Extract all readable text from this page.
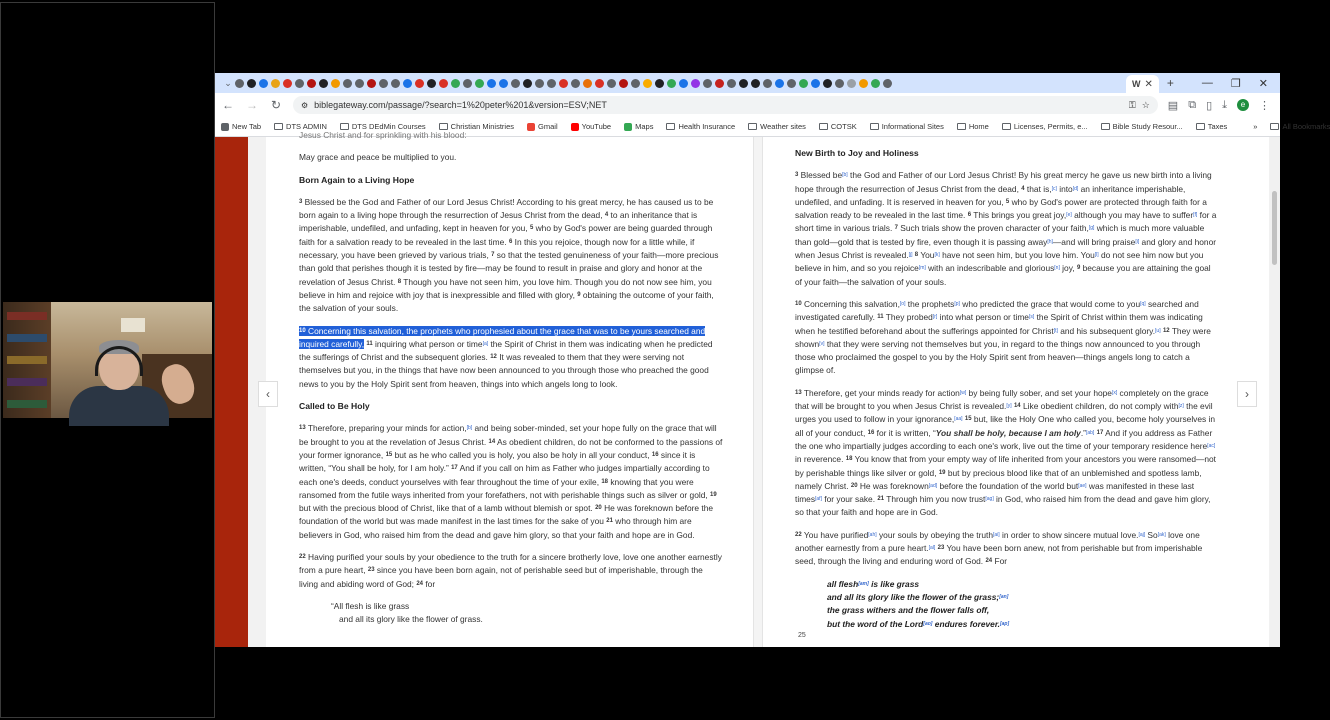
⌄	W ✕	+	— ❐ ✕
← → ↻ ⚙ biblegateway.com/passage/?search=1%20peter%201&version=ESV;NET	⚿ ☆ ▤ ⧉ ▯ ⤓	e	⋮
New Tab	DTS ADMIN	DTS DEdMin Courses	Christian Ministries	Gmail	YouTube	Maps	Health Insurance	Weather sites	COTSK	Informational Sites	Home	Licenses, Permits, e...	Bible Study Resour...	Taxes	»	All Bookmarks
‹

Jesus Christ and for sprinkling with his blood:

May grace and peace be multiplied to you.

Born Again to a Living Hope

$^3$ Blessed be the God and Father of our Lord Jesus Christ! According to his great mercy, he has caused us to be born again to a living hope through the resurrection of Jesus Christ from the dead, $^4$ to an inheritance that is imperishable, undefiled, and unfading, kept in heaven for you, $^5$ who by God's power are being guarded through faith for a salvation ready to be revealed in the last time. $^6$ In this you rejoice, though now for a little while, if necessary, you have been grieved by various trials, $^7$ so that the tested genuineness of your faith—more precious than gold that perishes though it is tested by fire—may be found to result in praise and glory and honor at the revelation of Jesus Christ. $^8$ Though you have not seen him, you love him. Though you do not now see him, you believe in him and rejoice with joy that is inexpressible and filled with glory, $^9$ obtaining the outcome of your faith, the salvation of your souls.

$^{10}$ Concerning this salvation, the prophets who prophesied about the grace that was to be yours searched and inquired carefully, $^{11}$ inquiring what person or time[a] the Spirit of Christ in them was indicating when he predicted the sufferings of Christ and the subsequent glories. $^{12}$ It was revealed to them that they were serving not themselves but you, in the things that have now been announced to you through those who preached the good news to you by the Holy Spirit sent from heaven, things into which angels long to look.

Called to Be Holy

$^{13}$ Therefore, preparing your minds for action,[b] and being sober-minded, set your hope fully on the grace that will be brought to you at the revelation of Jesus Christ. $^{14}$ As obedient children, do not be conformed to the passions of your former ignorance, $^{15}$ but as he who called you is holy, you also be holy in all your conduct, $^{16}$ since it is written, “You shall be holy, for I am holy.” $^{17}$ And if you call on him as Father who judges impartially according to each one's deeds, conduct yourselves with fear throughout the time of your exile, $^{18}$ knowing that you were ransomed from the futile ways inherited from your forefathers, not with perishable things such as silver or gold, $^{19}$ but with the precious blood of Christ, like that of a lamb without blemish or spot. $^{20}$ He was foreknown before the foundation of the world but was made manifest in the last times for the sake of you $^{21}$ who through him are believers in God, who raised him from the dead and gave him glory, so that your faith and hope are in God.

$^{22}$ Having purified your souls by your obedience to the truth for a sincere brotherly love, love one another earnestly from a pure heart, $^{23}$ since you have been born again, not of perishable seed but of imperishable, through the living and abiding word of God; $^{24}$ for

“All flesh is like grass
and all its glory like the flower of grass.
New Birth to Joy and Holiness

$^3$ Blessed be[b] the God and Father of our Lord Jesus Christ! By his great mercy he gave us new birth into a living hope through the resurrection of Jesus Christ from the dead, $^4$ that is,[c] into[d] an inheritance imperishable, undefiled, and unfading. It is reserved in heaven for you, $^5$ who by God's power are protected through faith for a salvation ready to be revealed in the last time. $^6$ This brings you great joy,[e] although you may have to suffer[f] for a short time in various trials. $^7$ Such trials show the proven character of your faith,[g] which is much more valuable than gold—gold that is tested by fire, even though it is passing away[h]—and will bring praise[i] and glory and honor when Jesus Christ is revealed.[j] $^8$ You[k] have not seen him, but you love him. You[l] do not see him now but you believe in him, and so you rejoice[m] with an indescribable and glorious[n] joy, $^9$ because you are attaining the goal of your faith—the salvation of your souls.

$^{10}$ Concerning this salvation,[o] the prophets[p] who predicted the grace that would come to you[q] searched and investigated carefully. $^{11}$ They probed[r] into what person or time[s] the Spirit of Christ within them was indicating when he testified beforehand about the sufferings appointed for Christ[t] and his subsequent glory.[u] $^{12}$ They were shown[v] that they were serving not themselves but you, in regard to the things now announced to you through those who proclaimed the gospel to you by the Holy Spirit sent from heaven—things angels long to catch a glimpse of.

$^{13}$ Therefore, get your minds ready for action[w] by being fully sober, and set your hope[x] completely on the grace that will be brought to you when Jesus Christ is revealed.[y] $^{14}$ Like obedient children, do not comply with[z] the evil urges you used to follow in your ignorance,[aa] $^{15}$ but, like the Holy One who called you, become holy yourselves in all of your conduct, $^{16}$ for it is written, “You shall be holy, because I am holy.”[ab] $^{17}$ And if you address as Father the one who impartially judges according to each one's work, live out the time of your temporary residence here[ac] in reverence. $^{18}$ You know that from your empty way of life inherited from your ancestors you were ransomed—not by perishable things like silver or gold, $^{19}$ but by precious blood like that of an unblemished and spotless lamb, namely Christ. $^{20}$ He was foreknown[ad] before the foundation of the world but[ae] was manifested in these last times[af] for your sake. $^{21}$ Through him you now trust[ag] in God, who raised him from the dead and gave him glory, so that your faith and hope are in God.

$^{22}$ You have purified[ah] your souls by obeying the truth[ai] in order to show sincere mutual love.[aj] So[ak] love one another earnestly from a pure heart.[al] $^{23}$ You have been born anew, not from perishable but from imperishable seed, through the living and enduring word of God. $^{24}$ For

all flesh[am] is like grass
and all its glory like the flower of the grass;[an]
the grass withers and the flower falls off,
but the word of the Lord[ao] endures forever.[ap]
25
›
